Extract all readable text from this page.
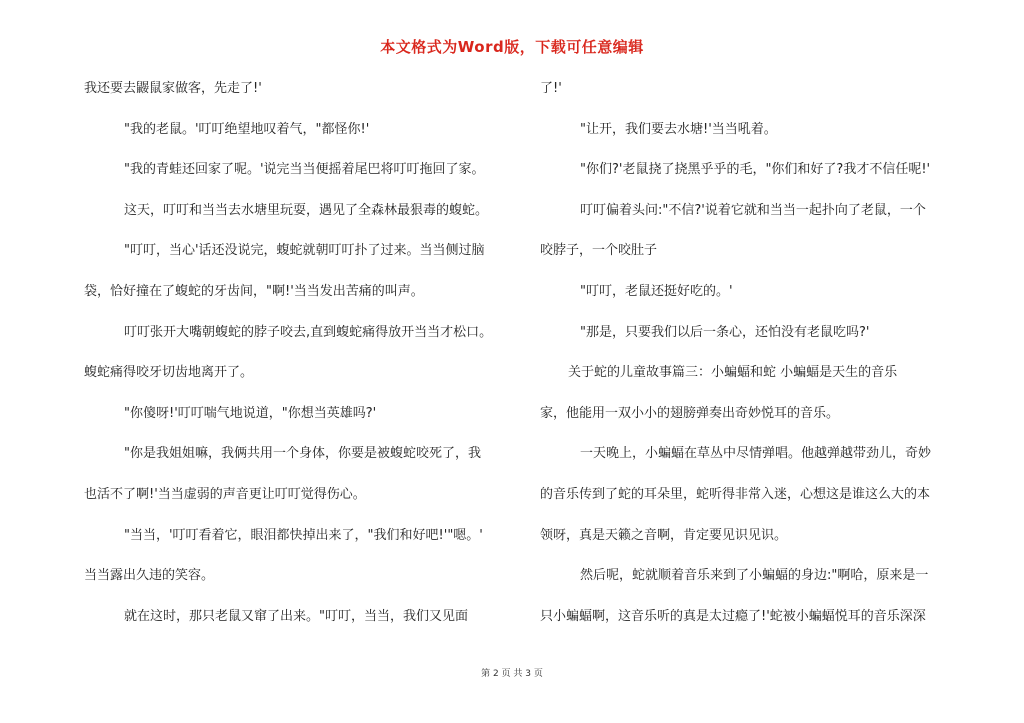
本文格式为Word版，下载可任意编辑
我还要去鼹鼠家做客，先走了!'
"我的老鼠。'叮叮绝望地叹着气，"都怪你!'
"我的青蛙还回家了呢。'说完当当便摇着尾巴将叮叮拖回了家。
这天，叮叮和当当去水塘里玩耍，遇见了全森林最狠毒的蝮蛇。
"叮叮，当心'话还没说完，蝮蛇就朝叮叮扑了过来。当当侧过脑
袋，恰好撞在了蝮蛇的牙齿间，"啊!'当当发出苦痛的叫声。
叮叮张开大嘴朝蝮蛇的脖子咬去,直到蝮蛇痛得放开当当才松口。
蝮蛇痛得咬牙切齿地离开了。
"你傻呀!'叮叮喘气地说道，"你想当英雄吗?'
"你是我姐姐嘛，我俩共用一个身体，你要是被蝮蛇咬死了，我
也活不了啊!'当当虚弱的声音更让叮叮觉得伤心。
"当当，'叮叮看着它，眼泪都快掉出来了，"我们和好吧!'"嗯。'
当当露出久违的笑容。
就在这时，那只老鼠又窜了出来。"叮叮，当当，我们又见面
了!'
"让开，我们要去水塘!'当当吼着。
"你们?'老鼠挠了挠黑乎乎的毛，"你们和好了?我才不信任呢!'
叮叮偏着头问:"不信?'说着它就和当当一起扑向了老鼠，一个
咬脖子，一个咬肚子
"叮叮，老鼠还挺好吃的。'
"那是，只要我们以后一条心，还怕没有老鼠吃吗?'
关于蛇的儿童故事篇三：小蝙蝠和蛇 小蝙蝠是天生的音乐
家，他能用一双小小的翅膀弹奏出奇妙悦耳的音乐。
一天晚上，小蝙蝠在草丛中尽情弹唱。他越弹越带劲儿，奇妙
的音乐传到了蛇的耳朵里，蛇听得非常入迷，心想这是谁这么大的本
领呀，真是天籁之音啊，肯定要见识见识。
然后呢，蛇就顺着音乐来到了小蝙蝠的身边:"啊哈，原来是一
只小蝙蝠啊，这音乐听的真是太过瘾了!'蛇被小蝙蝠悦耳的音乐深深
第 2 页 共 3 页
